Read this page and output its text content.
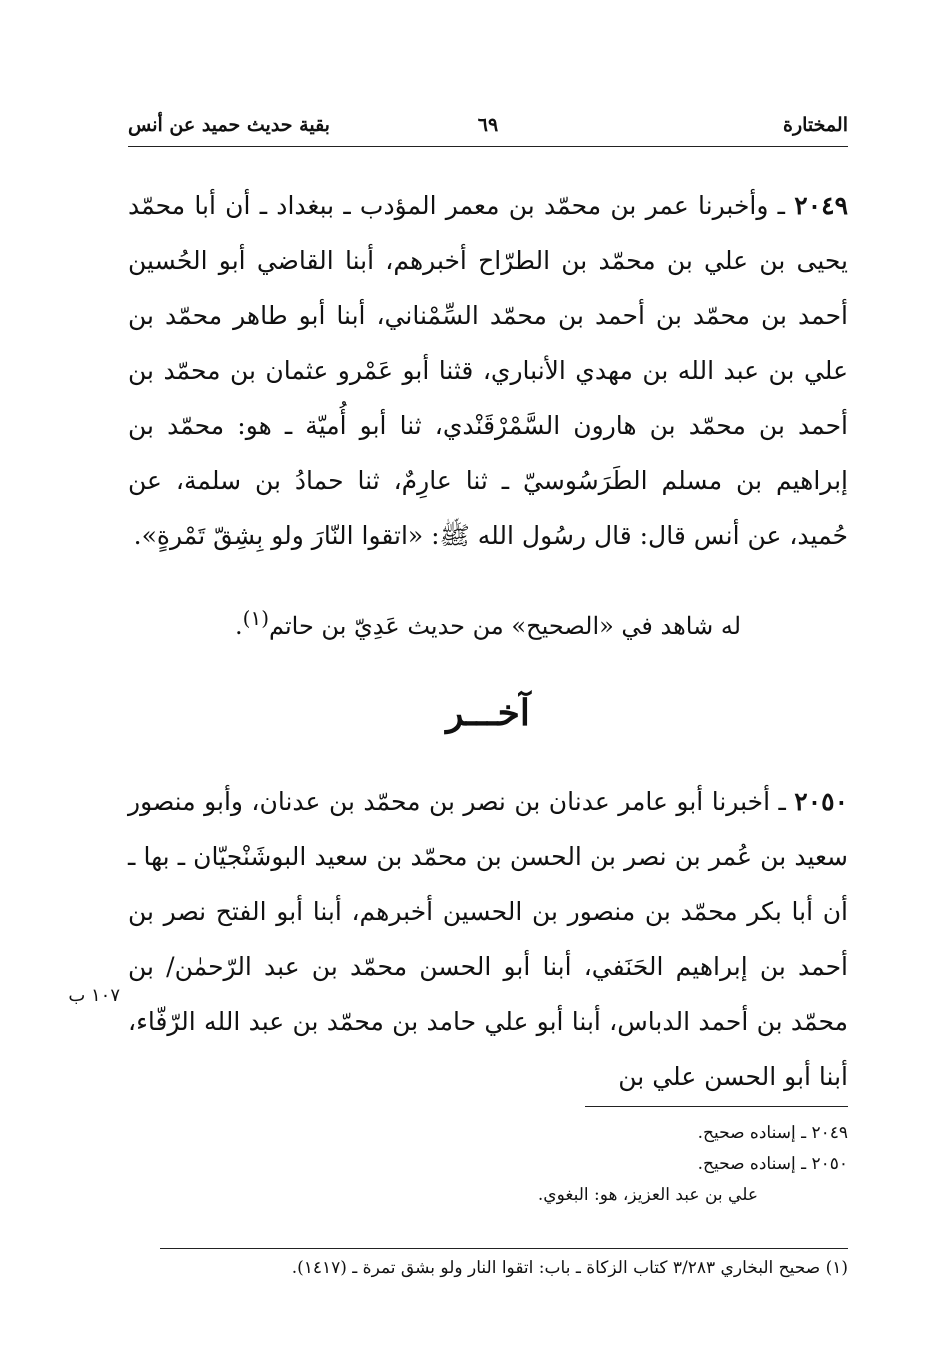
المختارة
٦٩
بقية حديث حميد عن أنس
٢٠٤٩ ـ وأخبرنا عمر بن محمّد بن معمر المؤدب ـ ببغداد ـ أن أبا محمّد يحيى بن علي بن محمّد بن الطرّاح أخبرهم، أبنا القاضي أبو الحُسين أحمد بن محمّد بن أحمد بن محمّد السِّمْناني، أبنا أبو طاهر محمّد بن علي بن عبد الله بن مهدي الأنباري، قثنا أبو عَمْرو عثمان بن محمّد بن أحمد بن محمّد بن هارون السَّمْرْقَنْدي، ثنا أبو أُميّة ـ هو: محمّد بن إبراهيم بن مسلم الطَرَسُوسيّ ـ ثنا عارِمٌ، ثنا حمادُ بن سلمة، عن حُميد، عن أنس قال: قال رسُول الله ﷺ: «اتقوا النّارَ ولو بِشِقّ تَمْرةٍ».
له شاهد في «الصحيح» من حديث عَدِيّ بن حاتم$^{(١)}$.
آخـــر
٢٠٥٠ ـ أخبرنا أبو عامر عدنان بن نصر بن محمّد بن عدنان، وأبو منصور سعيد بن عُمر بن نصر بن الحسن بن محمّد بن سعيد البوشَنْجيّان ـ بها ـ أن أبا بكر محمّد بن منصور بن الحسين أخبرهم، أبنا أبو الفتح نصر بن أحمد بن إبراهيم الحَنَفي، أبنا أبو الحسن محمّد بن عبد الرّحمٰن/ بن محمّد بن أحمد الدباس، أبنا أبو علي حامد بن محمّد بن عبد الله الرّفّاء، أبنا أبو الحسن علي بن
١٠٧ ب
٢٠٤٩ ـ إسناده صحيح.
٢٠٥٠ ـ إسناده صحيح.
علي بن عبد العزيز، هو: البغوي.
(١) صحيح البخاري ٣/٢٨٣ كتاب الزكاة ـ باب: اتقوا النار ولو بشق تمرة ـ (١٤١٧).
